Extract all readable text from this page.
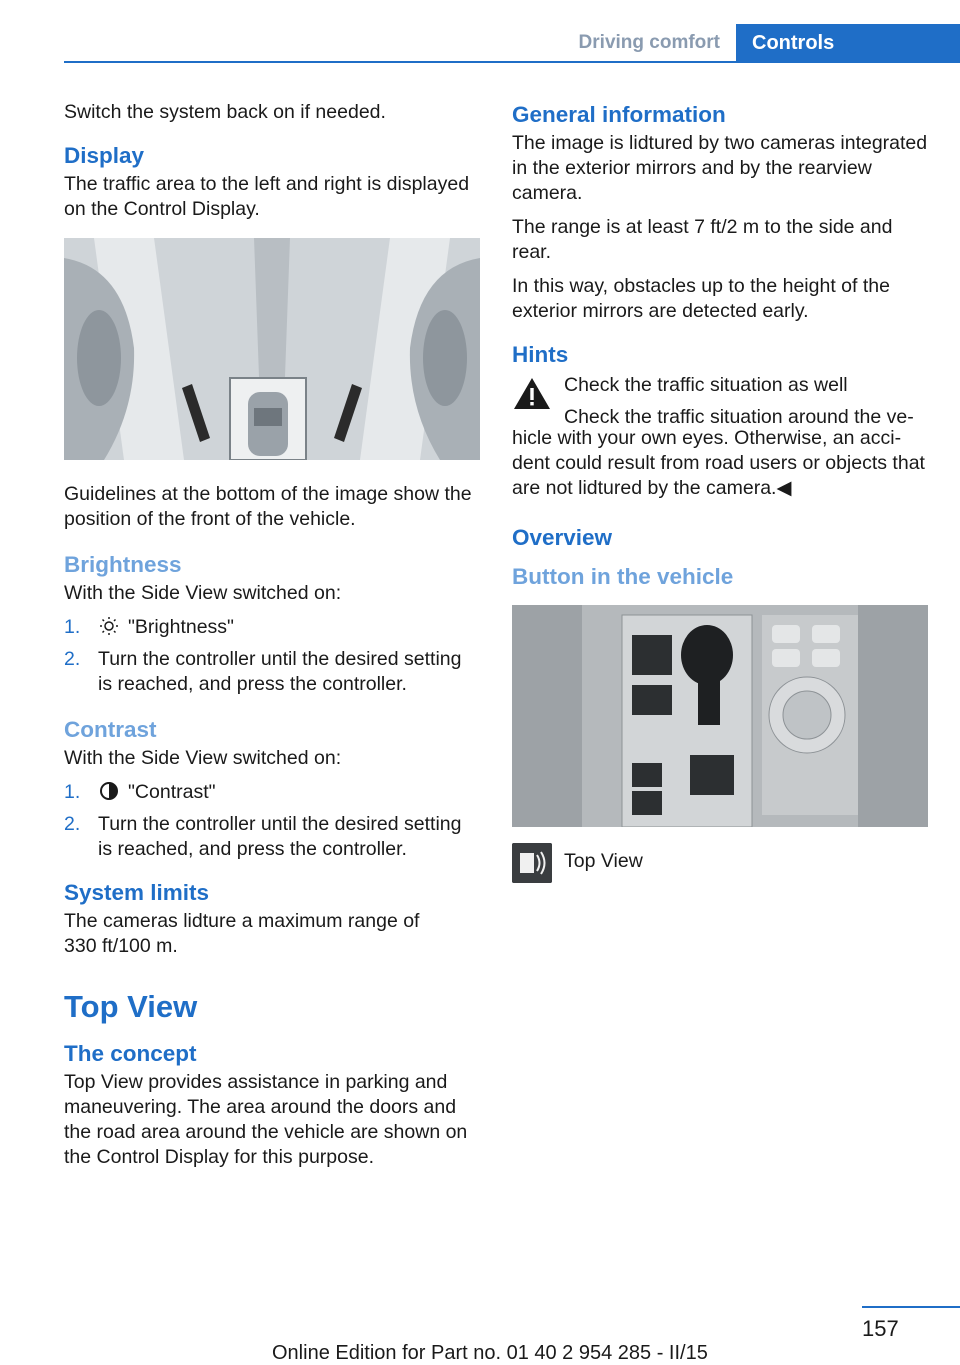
Driving comfort	Controls

Switch the system back on if needed.

Display

The traffic area to the left and right is displayed on the Control Display.

Guidelines at the bottom of the image show the position of the front of the vehicle.

Brightness

With the Side View switched on:

1.	"Brightness"
2. Turn the controller until the desired setting is reached, and press the controller.
Contrast

With the Side View switched on:

1.	"Contrast"
2. Turn the controller until the desired setting is reached, and press the controller.
System limits

The cameras lidture a maximum range of 330 ft/100 m.

Top View
The concept

Top View provides assistance in parking and maneuvering. The area around the doors and the road area around the vehicle are shown on the Control Display for this purpose.

General information

The image is lidtured by two cameras integrated in the exterior mirrors and by the rearview camera.

The range is at least 7 ft/2 m to the side and rear.

In this way, obstacles up to the height of the exterior mirrors are detected early.

Hints

Check the traffic situation as well

Check the traffic situation around the ve-

hicle with your own eyes. Otherwise, an acci-dent could result from road users or objects that are not lidtured by the camera.◀

Overview
Button in the vehicle
Top View
157
Online Edition for Part no. 01 40 2 954 285 - II/15
